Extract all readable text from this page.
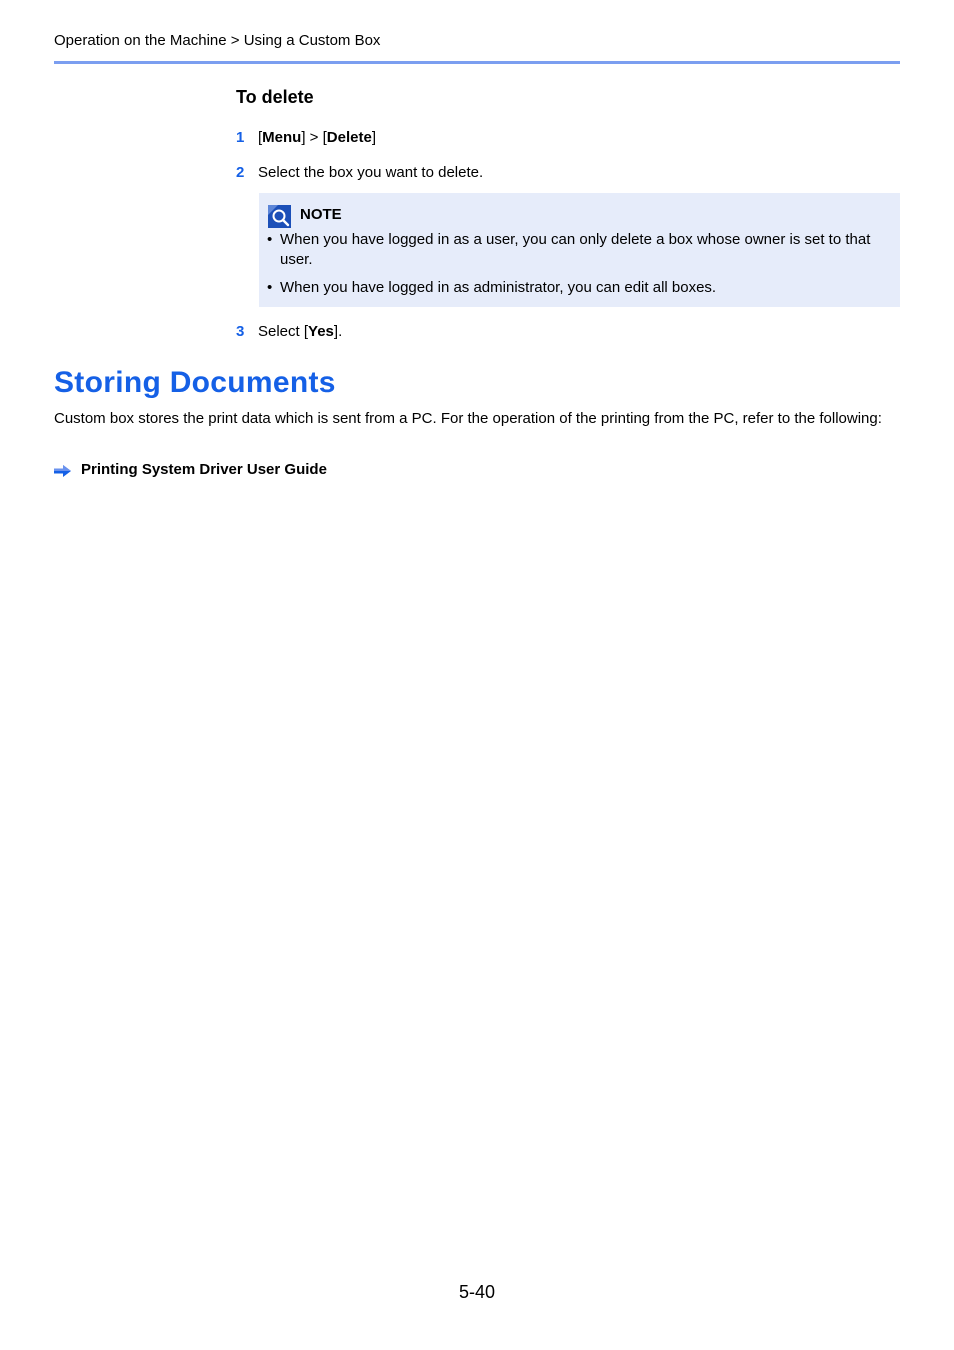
Operation on the Machine > Using a Custom Box
To delete
1 [Menu] > [Delete]
2 Select the box you want to delete.
NOTE
• When you have logged in as a user, you can only delete a box whose owner is set to that user.
• When you have logged in as administrator, you can edit all boxes.
3 Select [Yes].
Storing Documents
Custom box stores the print data which is sent from a PC. For the operation of the printing from the PC, refer to the following:
Printing System Driver User Guide
5-40
